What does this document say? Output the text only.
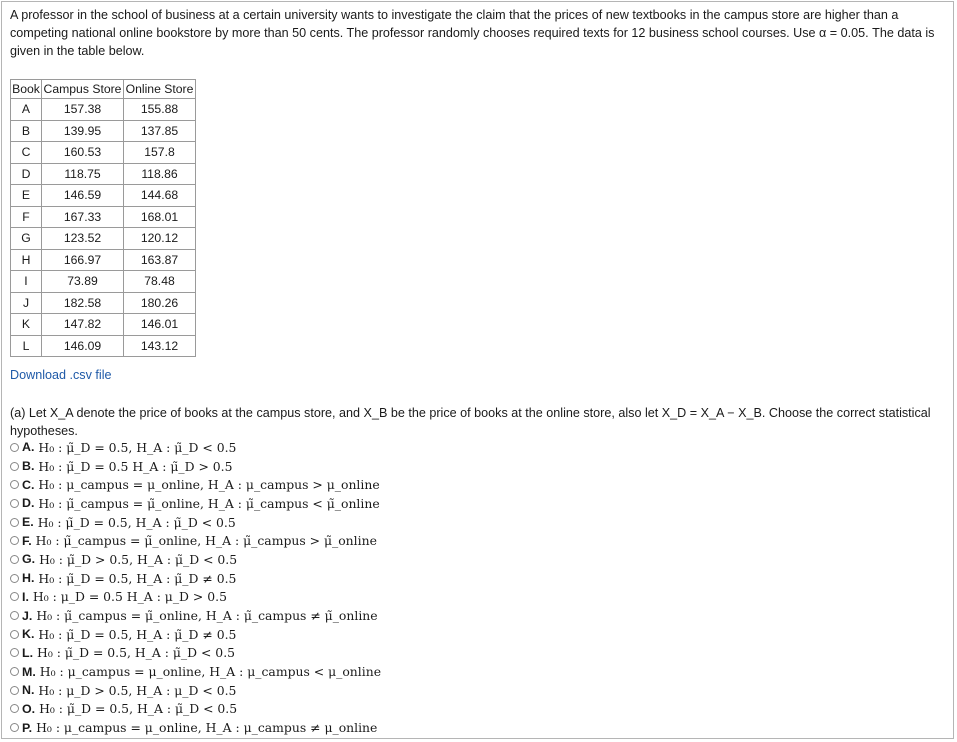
A professor in the school of business at a certain university wants to investigate the claim that the prices of new textbooks in the campus store are higher than a competing national online bookstore by more than 50 cents. The professor randomly chooses required texts for 12 business school courses. Use α = 0.05. The data is given in the table below.

Book	Campus Store	Online Store
A	157.38	155.88
B	139.95	137.85
C	160.53	157.8
D	118.75	118.86
E	146.59	144.68
F	167.33	168.01
G	123.52	120.12
H	166.97	163.87
I	73.89	78.48
J	182.58	180.26
K	147.82	146.01
L	146.09	143.12
Download .csv file

(a) Let X_A denote the price of books at the campus store, and X_B be the price of books at the online store, also let X_D = X_A − X_B. Choose the correct statistical hypotheses.

A. H₀ : μ̃_D = 0.5, H_A : μ̃_D < 0.5
B. H₀ : μ̃_D = 0.5 H_A : μ̃_D > 0.5
C. H₀ : μ_campus = μ_online, H_A : μ_campus > μ_online
D. H₀ : μ̃_campus = μ̃_online, H_A : μ̃_campus < μ̃_online
E. H₀ : μ̃_D = 0.5, H_A : μ̃_D < 0.5
F. H₀ : μ̃_campus = μ̃_online, H_A : μ̃_campus > μ̃_online
G. H₀ : μ̃_D > 0.5, H_A : μ̃_D < 0.5
H. H₀ : μ̃_D = 0.5, H_A : μ̃_D ≠ 0.5
I. H₀ : μ_D = 0.5 H_A : μ_D > 0.5
J. H₀ : μ̃_campus = μ̃_online, H_A : μ̃_campus ≠ μ̃_online
K. H₀ : μ̃_D = 0.5, H_A : μ̃_D ≠ 0.5
L. H₀ : μ̃_D = 0.5, H_A : μ̃_D < 0.5
M. H₀ : μ_campus = μ_online, H_A : μ_campus < μ_online
N. H₀ : μ_D > 0.5, H_A : μ_D < 0.5
O. H₀ : μ̃_D = 0.5, H_A : μ̃_D < 0.5
P. H₀ : μ_campus = μ_online, H_A : μ_campus ≠ μ_online
